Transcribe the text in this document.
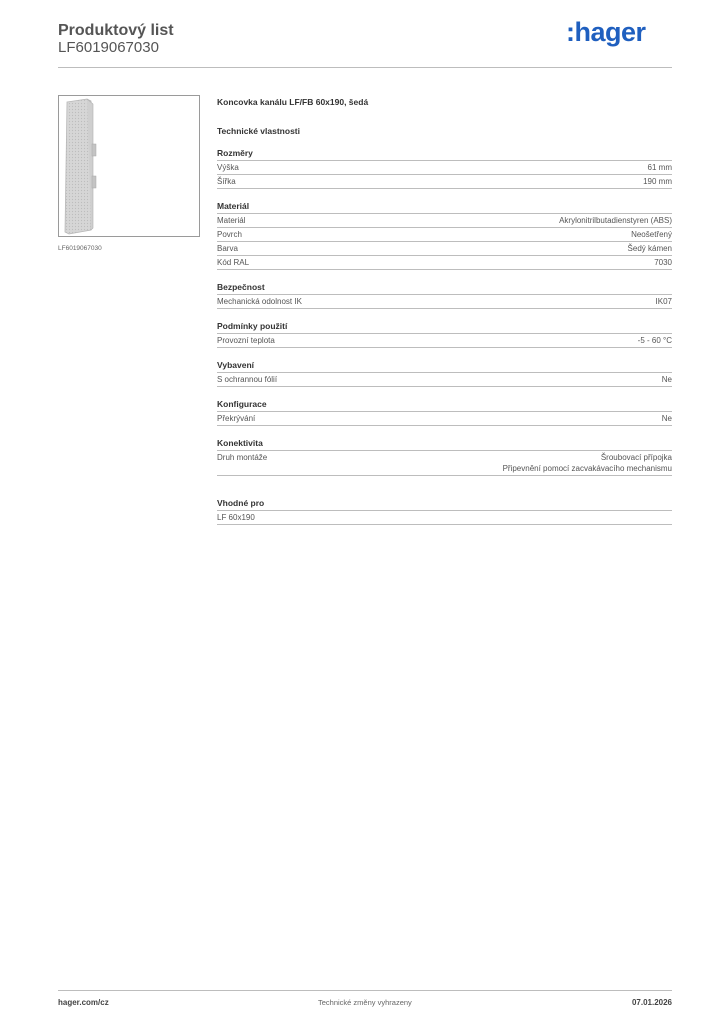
Produktový list
LF6019067030
:hager
LF6019067030
Koncovka kanálu LF/FB 60x190, šedá
Technické vlastnosti
Rozměry
Výška	61 mm
Šířka	190 mm
Materiál
Materiál	Akrylonitrilbutadienstyren (ABS)
Povrch	Neošetřený
Barva	Šedý kámen
Kód RAL	7030
Bezpečnost
Mechanická odolnost IK	IK07
Podmínky použití
Provozní teplota	-5 - 60 °C
Vybavení
S ochrannou fólií	Ne
Konfigurace
Překrývání	Ne
Konektivita
Druh montáže	Šroubovací přípojka
Připevnění pomocí zacvakávacího mechanismu
Vhodné pro
LF 60x190
hager.com/cz	Technické změny vyhrazeny	07.01.2026
